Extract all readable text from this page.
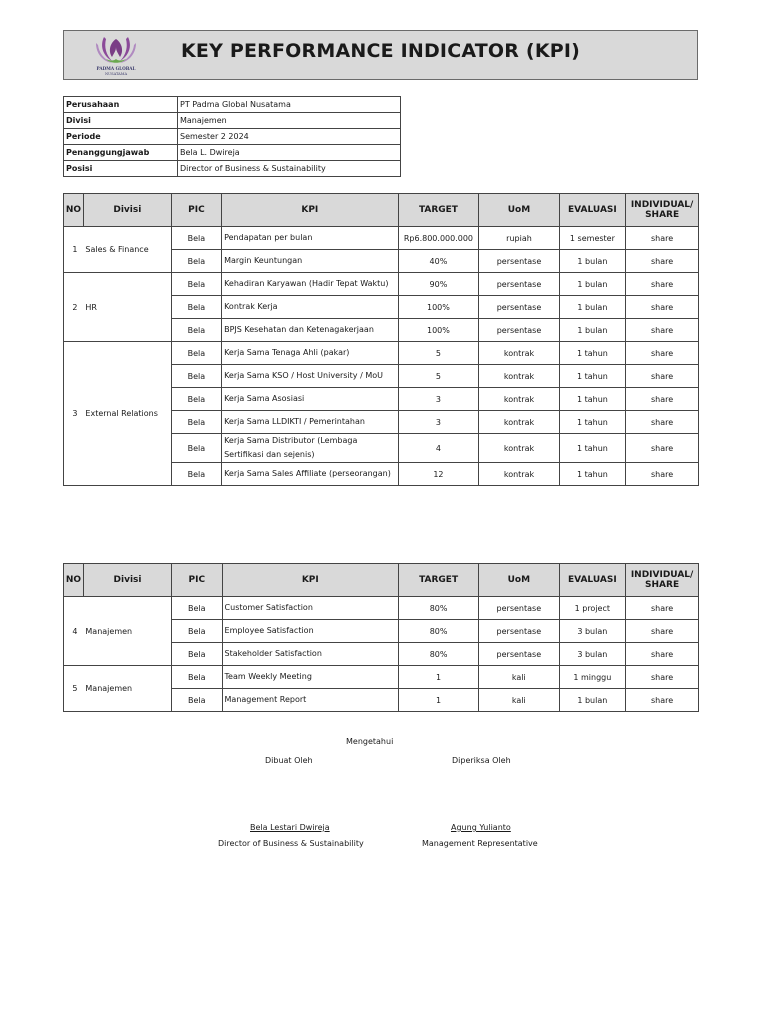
PADMA GLOBAL
NUSATAMA
KEY PERFORMANCE INDICATOR (KPI)
Perusahaan	PT Padma Global Nusatama
Divisi	Manajemen
Periode	Semester 2 2024
Penanggungjawab	Bela L. Dwireja
Posisi	Director of Business & Sustainability
NO	Divisi	PIC	KPI	TARGET	UoM	EVALUASI	INDIVIDUAL/
SHARE
1	Sales & Finance	Bela	Pendapatan per bulan	Rp6.800.000.000	rupiah	1 semester	share
		Bela	Margin Keuntungan	40%	persentase	1 bulan	share
2	HR	Bela	Kehadiran Karyawan (Hadir Tepat Waktu)	90%	persentase	1 bulan	share
		Bela	Kontrak Kerja	100%	persentase	1 bulan	share
		Bela	BPJS Kesehatan dan Ketenagakerjaan	100%	persentase	1 bulan	share
3	External Relations	Bela	Kerja Sama Tenaga Ahli (pakar)	5	kontrak	1 tahun	share
		Bela	Kerja Sama KSO / Host University / MoU	5	kontrak	1 tahun	share
		Bela	Kerja Sama Asosiasi	3	kontrak	1 tahun	share
		Bela	Kerja Sama LLDIKTI / Pemerintahan	3	kontrak	1 tahun	share
		Bela	Kerja Sama Distributor (Lembaga Sertifikasi dan sejenis)	4	kontrak	1 tahun	share
		Bela	Kerja Sama Sales Affiliate (perseorangan)	12	kontrak	1 tahun	share
NO	Divisi	PIC	KPI	TARGET	UoM	EVALUASI	INDIVIDUAL/
SHARE
4	Manajemen	Bela	Customer Satisfaction	80%	persentase	1 project	share
		Bela	Employee Satisfaction	80%	persentase	3 bulan	share
		Bela	Stakeholder Satisfaction	80%	persentase	3 bulan	share
5	Manajemen	Bela	Team Weekly Meeting	1	kali	1 minggu	share
		Bela	Management Report	1	kali	1 bulan	share
Mengetahui
Dibuat Oleh	Diperiksa Oleh
Bela Lestari Dwireja
Director of Business & Sustainability
Agung Yulianto
Management Representative
